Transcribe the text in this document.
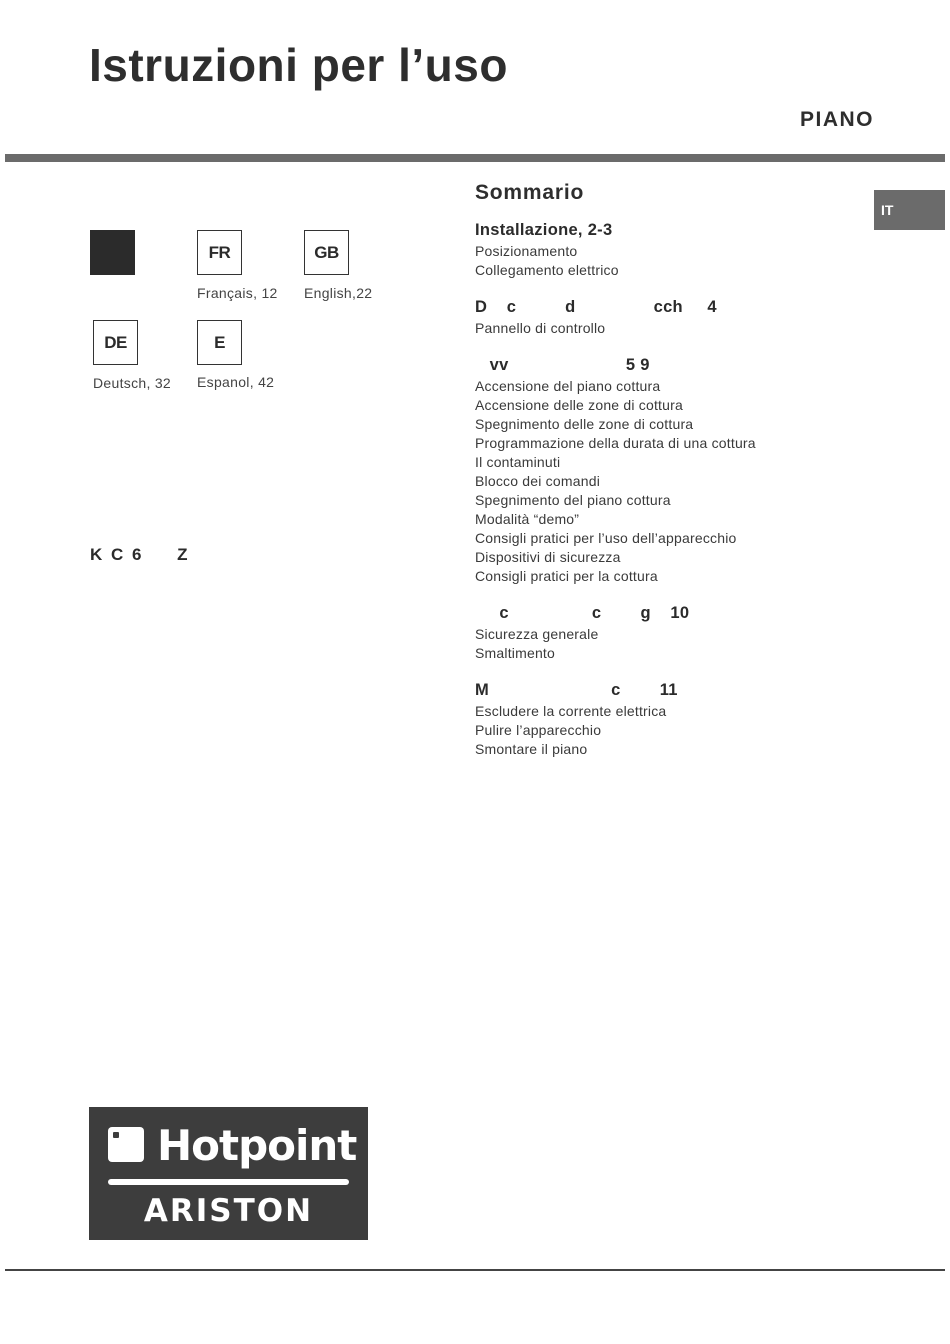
Istruzioni per l’uso
PIANO
IT
FR
Français, 12
GB
English,22
DE
Deutsch, 32
E
Espanol, 42
K C 6     Z
Sommario
Installazione, 2-3
Posizionamento
Collegamento elettrico
D    c          d                cch     4
Pannello di controllo
vv                        5 9
Accensione del piano cottura
Accensione delle zone di cottura
Spegnimento delle zone di cottura
Programmazione della durata di una cottura
Il contaminuti
Blocco dei comandi
Spegnimento del piano cottura
Modalità “demo”
Consigli pratici per l’uso dell’apparecchio
Dispositivi di sicurezza
Consigli pratici per la cottura
c                 c        g    10
Sicurezza generale
Smaltimento
M                         c        11
Escludere la corrente elettrica
Pulire l’apparecchio
Smontare il piano
Hotpoint
ARISTON
